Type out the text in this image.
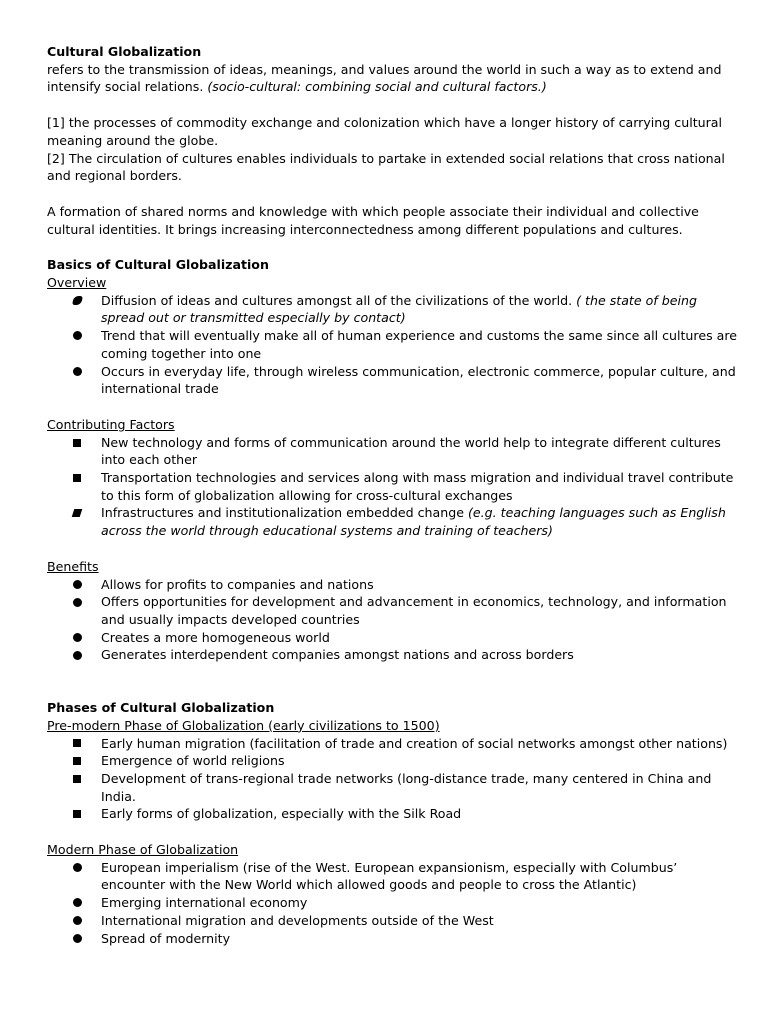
Cultural Globalization

refers to the transmission of ideas, meanings, and values around the world in such a way as to extend and intensify social relations. (socio-cultural: combining social and cultural factors.)

[1] the processes of commodity exchange and colonization which have a longer history of carrying cultural meaning around the globe.

[2] The circulation of cultures enables individuals to partake in extended social relations that cross national and regional borders.

A formation of shared norms and knowledge with which people associate their individual and collective cultural identities. It brings increasing interconnectedness among different populations and cultures.

Basics of Cultural Globalization

Overview

Diffusion of ideas and cultures amongst all of the civilizations of the world. ( the state of being spread out or transmitted especially by contact)
Trend that will eventually make all of human experience and customs the same since all cultures are coming together into one
Occurs in everyday life, through wireless communication, electronic commerce, popular culture, and international trade

Contributing Factors

New technology and forms of communication around the world help to integrate different cultures into each other
Transportation technologies and services along with mass migration and individual travel contribute to this form of globalization allowing for cross-cultural exchanges
Infrastructures and institutionalization embedded change (e.g. teaching languages such as English across the world through educational systems and training of teachers)

Benefits

Allows for profits to companies and nations
Offers opportunities for development and advancement in economics, technology, and information and usually impacts developed countries
Creates a more homogeneous world
Generates interdependent companies amongst nations and across borders

Phases of Cultural Globalization

Pre-modern Phase of Globalization (early civilizations to 1500)

Early human migration (facilitation of trade and creation of social networks amongst other nations)
Emergence of world religions
Development of trans-regional trade networks (long-distance trade, many centered in China and India.
Early forms of globalization, especially with the Silk Road

Modern Phase of Globalization

European imperialism (rise of the West. European expansionism, especially with Columbus’ encounter with the New World which allowed goods and people to cross the Atlantic)
Emerging international economy
International migration and developments outside of the West
Spread of modernity
